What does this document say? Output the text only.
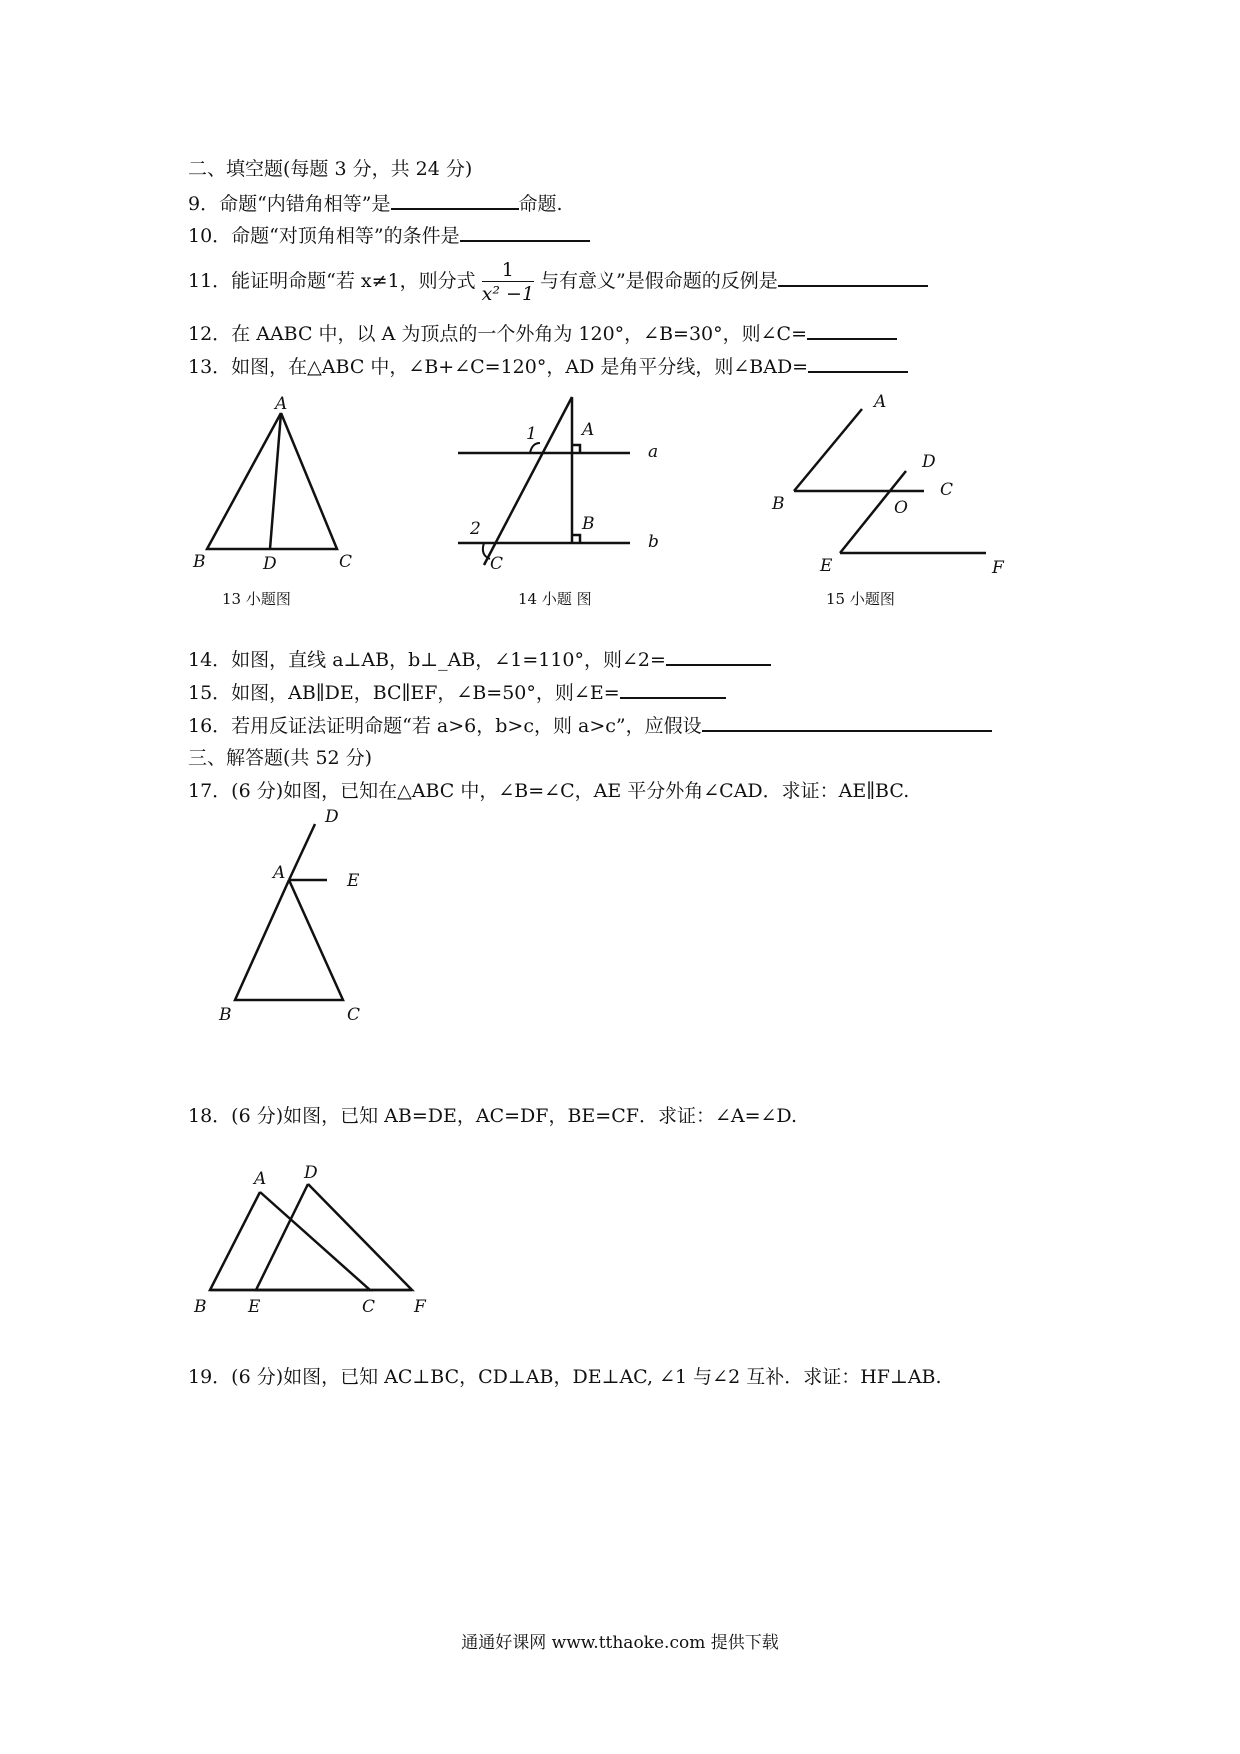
二、填空题(每题 3 分，共 24 分)
9．命题“内错角相等”是	命题.
10．命题“对顶角相等”的条件是
11．能证明命题“若 x≠1，则分式 $\frac{1}{\text{x² −1}}$ 与有意义”是假命题的反例是
12．在 AABC 中，以 A 为顶点的一个外角为 120°，∠B=30°，则∠C=
13．如图，在△ABC 中，∠B+∠C=120°，AD 是角平分线，则∠BAD=
A
B	D	C
13 小题图
1
2
A
B
C
a
b
14 小题 图
A
B
C
D
O
E	F
15 小题图
14．如图，直线 a⊥AB，b⊥_AB，∠1=110°，则∠2=
15．如图，AB∥DE，BC∥EF，∠B=50°，则∠E=
16．若用反证法证明命题“若 a>6，b>c，则 a>c”，应假设
三、解答题(共 52 分)
17．(6 分)如图，已知在△ABC 中，∠B=∠C，AE 平分外角∠CAD．求证：AE∥BC.
D
A	E
B	C
18．(6 分)如图，已知 AB=DE，AC=DF，BE=CF．求证：∠A=∠D.
A D
B E	C F
19．(6 分)如图，已知 AC⊥BC，CD⊥AB，DE⊥AC, ∠1 与∠2 互补．求证：HF⊥AB.
通通好课网 www.tthaoke.com 提供下载
